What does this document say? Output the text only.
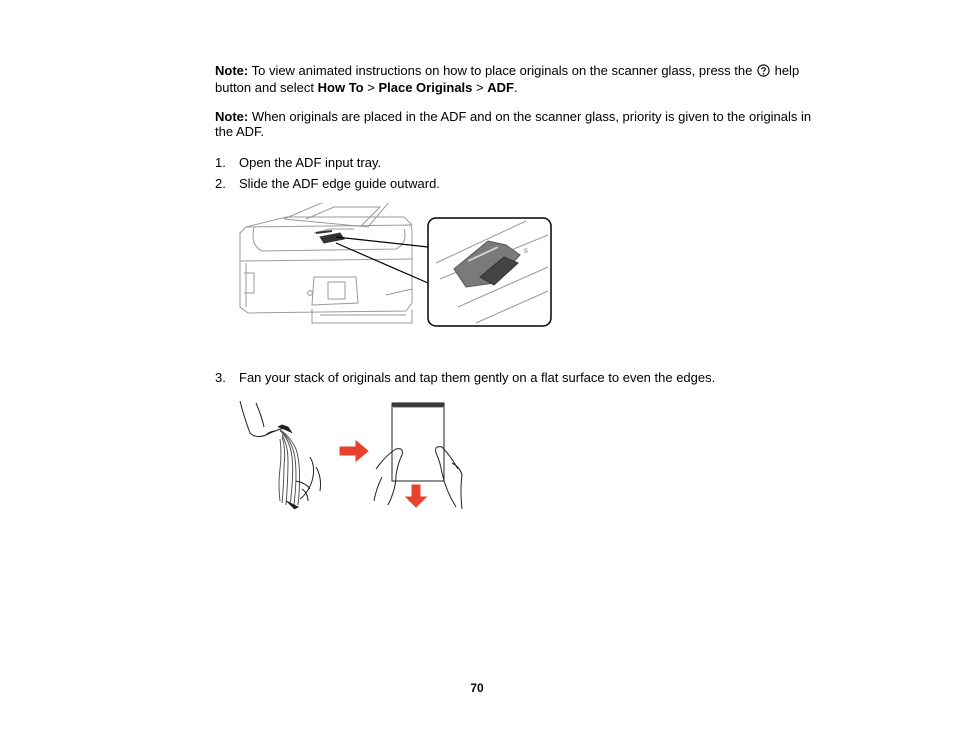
Note: To view animated instructions on how to place originals on the scanner glass, press the  help button and select How To > Place Originals > ADF.
Note: When originals are placed in the ADF and on the scanner glass, priority is given to the originals in the ADF.
1. Open the ADF input tray.
2. Slide the ADF edge guide outward.
III
3. Fan your stack of originals and tap them gently on a flat surface to even the edges.
70
